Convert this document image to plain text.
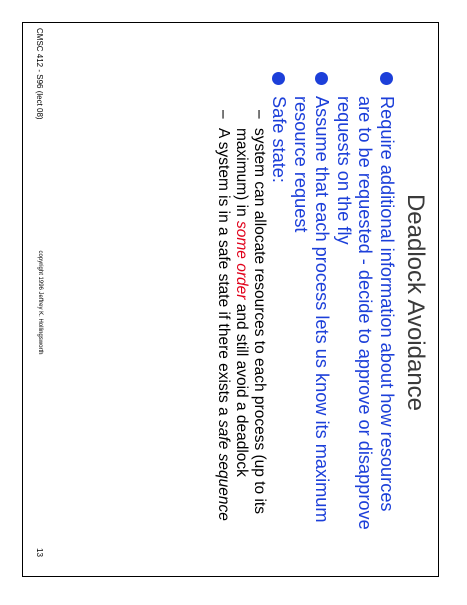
Deadlock Avoidance

Require additional information about how resources are to be requested - decide to approve or disapprove requests on the fly

Assume that each process lets us know its maximum resource request

Safe state:

–
system can allocate resources to each process (up to its maximum) in some order and still avoid a deadlock

–
A system is in a safe state if there exists a safe sequence

CMSC 412 - S96 (lect 08)
copyright 1996 Jeffrey K. Hollingsworth
13
